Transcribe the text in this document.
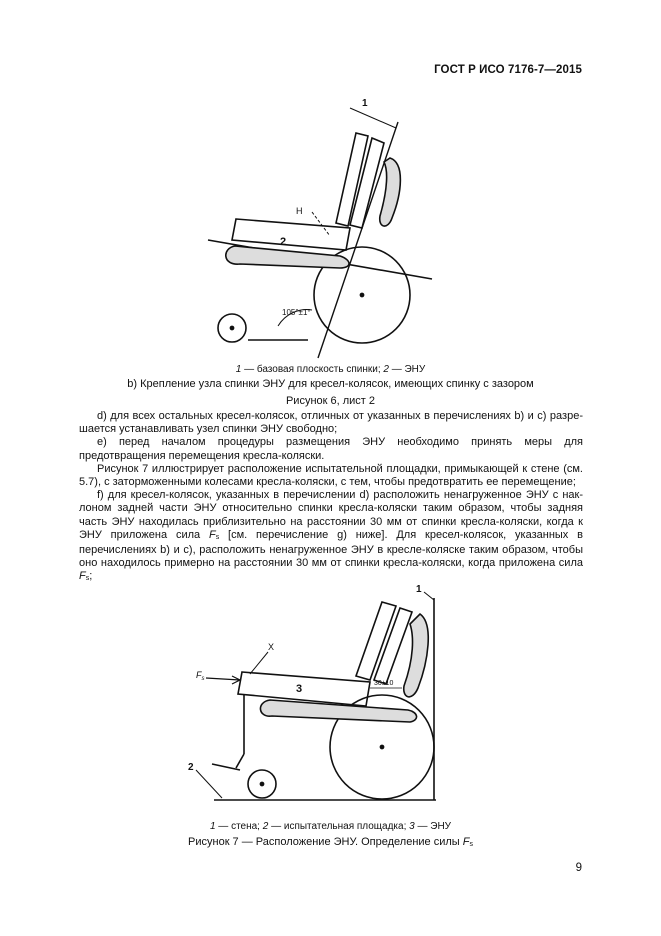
ГОСТ Р ИСО 7176-7—2015
1
2
H
105°±1°
1 — базовая плоскость спинки; 2 — ЭНУ
b) Крепление узла спинки ЭНУ для кресел-колясок, имеющих спинку с зазором
Рисунок 6, лист 2

d) для всех остальных кресел-колясок, отличных от указанных в перечислениях b) и с) разре-шается устанавливать узел спинки ЭНУ свободно;

e) перед началом процедуры размещения ЭНУ необходимо принять меры для предотвращения перемещения кресла-коляски.

Рисунок 7 иллюстрирует расположение испытательной площадки, примыкающей к стене (см. 5.7), с заторможенными колесами кресла-коляски, с тем, чтобы предотвратить ее перемещение;

f) для кресел-колясок, указанных в перечислении d) расположить ненагруженное ЭНУ с нак-лоном задней части ЭНУ относительно спинки кресла-коляски таким образом, чтобы задняя часть ЭНУ находилась приблизительно на расстоянии 30 мм от спинки кресла-коляски, когда к ЭНУ приложена сила $F_s$ [см. перечисление g) ниже]. Для кресел-колясок, указанных в перечислениях b) и с), расположить ненагруженное ЭНУ в кресле-коляске таким образом, чтобы оно находилось примерно на расстоянии 30 мм от спинки кресла-коляски, когда приложена сила $F_s$;

1
2
3
X
$F_s$
30±10
1 — стена; 2 — испытательная площадка; 3 — ЭНУ
Рисунок 7 — Расположение ЭНУ. Определение силы $F_s$
9
